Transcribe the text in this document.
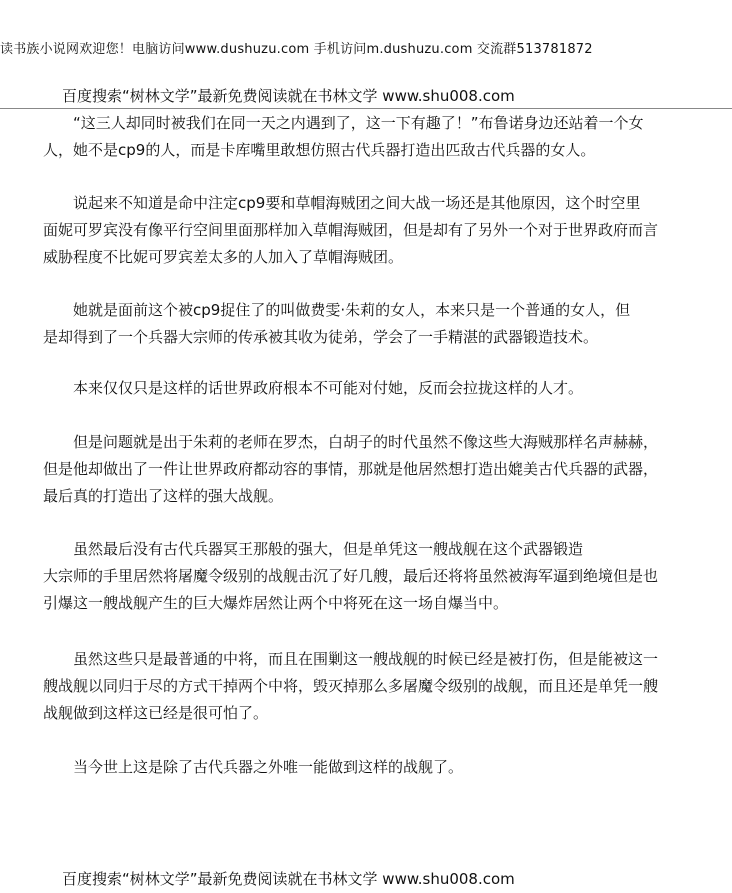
读书族小说网欢迎您！电脑访问www.dushuzu.com 手机访问m.dushuzu.com 交流群513781872
百度搜索“树林文学”最新免费阅读就在书林文学 www.shu008.com

　　“这三人却同时被我们在同一天之内遇到了，这一下有趣了！”布鲁诺身边还站着一个女
人，她不是cp9的人，而是卡库嘴里敢想仿照古代兵器打造出匹敌古代兵器的女人。

　　说起来不知道是命中注定cp9要和草帽海贼团之间大战一场还是其他原因，这个时空里
面妮可罗宾没有像平行空间里面那样加入草帽海贼团，但是却有了另外一个对于世界政府而言
威胁程度不比妮可罗宾差太多的人加入了草帽海贼团。

　　她就是面前这个被cp9捉住了的叫做费雯·朱莉的女人，本来只是一个普通的女人，但
是却得到了一个兵器大宗师的传承被其收为徒弟，学会了一手精湛的武器锻造技术。

　　本来仅仅只是这样的话世界政府根本不可能对付她，反而会拉拢这样的人才。

　　但是问题就是出于朱莉的老师在罗杰，白胡子的时代虽然不像这些大海贼那样名声赫赫，
但是他却做出了一件让世界政府都动容的事情，那就是他居然想打造出媲美古代兵器的武器，
最后真的打造出了这样的强大战舰。

　　虽然最后没有古代兵器冥王那般的强大，但是单凭这一艘战舰在这个武器锻造
大宗师的手里居然将屠魔令级别的战舰击沉了好几艘，最后还将将虽然被海军逼到绝境但是也
引爆这一艘战舰产生的巨大爆炸居然让两个中将死在这一场自爆当中。

　　虽然这些只是最普通的中将，而且在围剿这一艘战舰的时候已经是被打伤，但是能被这一
艘战舰以同归于尽的方式干掉两个中将，毁灭掉那么多屠魔令级别的战舰，而且还是单凭一艘
战舰做到这样这已经是很可怕了。

　　当今世上这是除了古代兵器之外唯一能做到这样的战舰了。

百度搜索“树林文学”最新免费阅读就在书林文学 www.shu008.com
